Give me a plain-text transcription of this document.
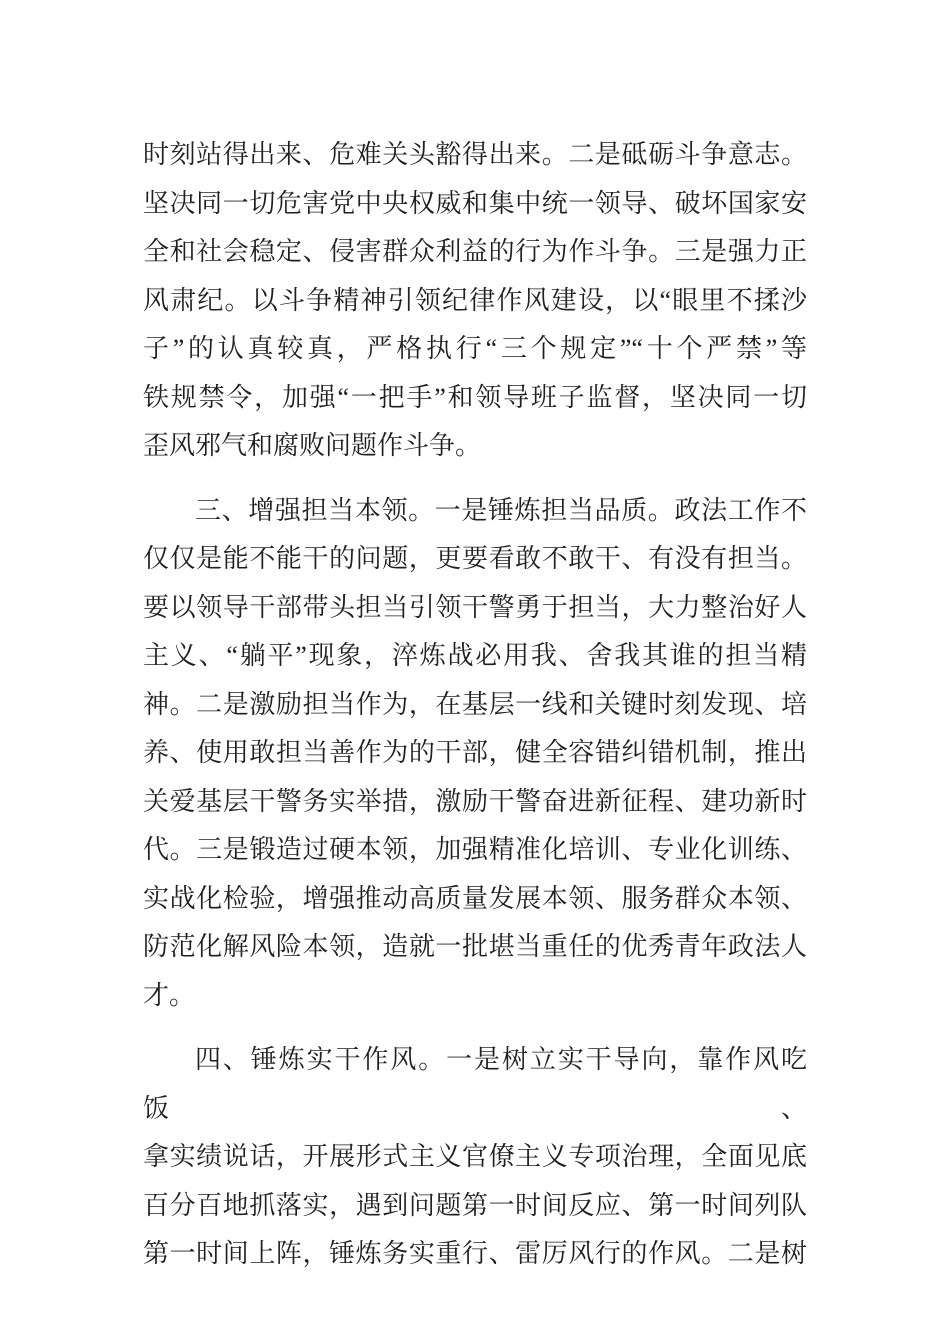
时刻站得出来、危难关头豁得出来。二是砥砺斗争意志。
坚决同一切危害党中央权威和集中统一领导、破坏国家安
全和社会稳定、侵害群众利益的行为作斗争。三是强力正
风肃纪。以斗争精神引领纪律作风建设，以“眼里不揉沙
子”的认真较真，严格执行“三个规定”“十个严禁”等
铁规禁令，加强“一把手”和领导班子监督，坚决同一切
歪风邪气和腐败问题作斗争。
三、增强担当本领。一是锤炼担当品质。政法工作不
仅仅是能不能干的问题，更要看敢不敢干、有没有担当。
要以领导干部带头担当引领干警勇于担当，大力整治好人
主义、“躺平”现象，淬炼战必用我、舍我其谁的担当精
神。二是激励担当作为，在基层一线和关键时刻发现、培
养、使用敢担当善作为的干部，健全容错纠错机制，推出
关爱基层干警务实举措，激励干警奋进新征程、建功新时
代。三是锻造过硬本领，加强精准化培训、专业化训练、
实战化检验，增强推动高质量发展本领、服务群众本领、
防范化解风险本领，造就一批堪当重任的优秀青年政法人
才。
四、锤炼实干作风。一是树立实干导向，靠作风吃饭、
拿实绩说话，开展形式主义官僚主义专项治理，全面见底
百分百地抓落实，遇到问题第一时间反应、第一时间列队
第一时间上阵，锤炼务实重行、雷厉风行的作风。二是树
